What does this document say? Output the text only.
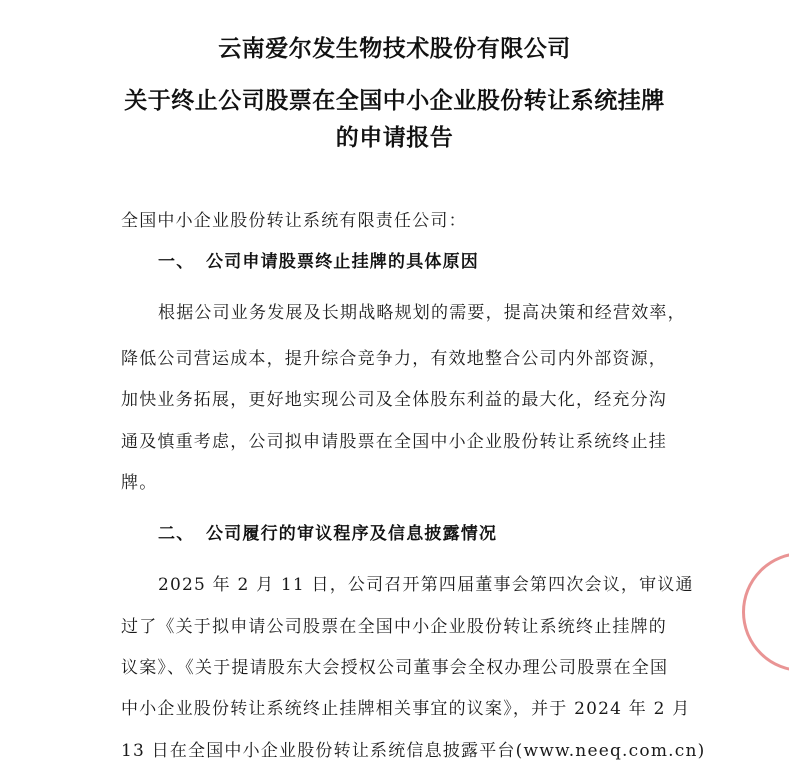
云南爱尔发生物技术股份有限公司
关于终止公司股票在全国中小企业股份转让系统挂牌
的申请报告
全国中小企业股份转让系统有限责任公司：
一、 公司申请股票终止挂牌的具体原因
根据公司业务发展及长期战略规划的需要，提高决策和经营效率，
降低公司营运成本，提升综合竞争力，有效地整合公司内外部资源，
加快业务拓展，更好地实现公司及全体股东利益的最大化，经充分沟
通及慎重考虑，公司拟申请股票在全国中小企业股份转让系统终止挂
牌。
二、 公司履行的审议程序及信息披露情况
2025 年 2 月 11 日，公司召开第四届董事会第四次会议，审议通
过了《关于拟申请公司股票在全国中小企业股份转让系统终止挂牌的
议案》、《关于提请股东大会授权公司董事会全权办理公司股票在全国
中小企业股份转让系统终止挂牌相关事宜的议案》，并于 2024 年 2 月
13 日在全国中小企业股份转让系统信息披露平台(www.neeq.com.cn)
